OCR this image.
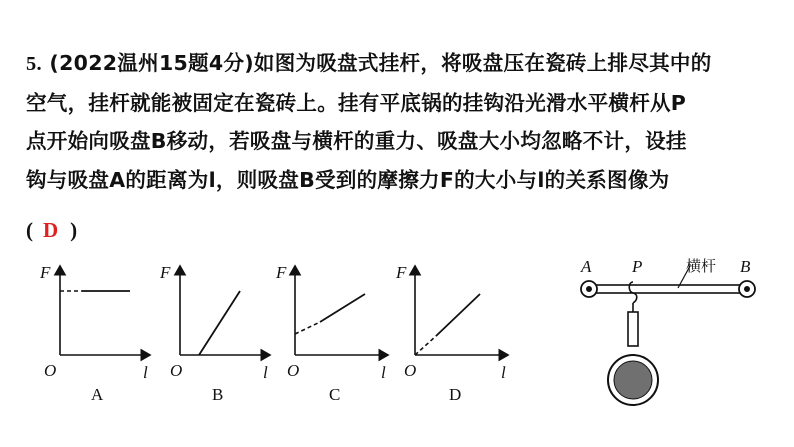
5. (2022温州15题4分)如图为吸盘式挂杆，将吸盘压在瓷砖上排尽其中的
空气，挂杆就能被固定在瓷砖上。挂有平底锅的挂钩沿光滑水平横杆从P
点开始向吸盘B移动，若吸盘与横杆的重力、吸盘大小均忽略不计，设挂
钩与吸盘A的距离为l，则吸盘B受到的摩擦力F的大小与l的关系图像为
( D )
F
l
O
A
F
l
O
B
F
l
O
C
F
l
O
D
A P	横杆 B
